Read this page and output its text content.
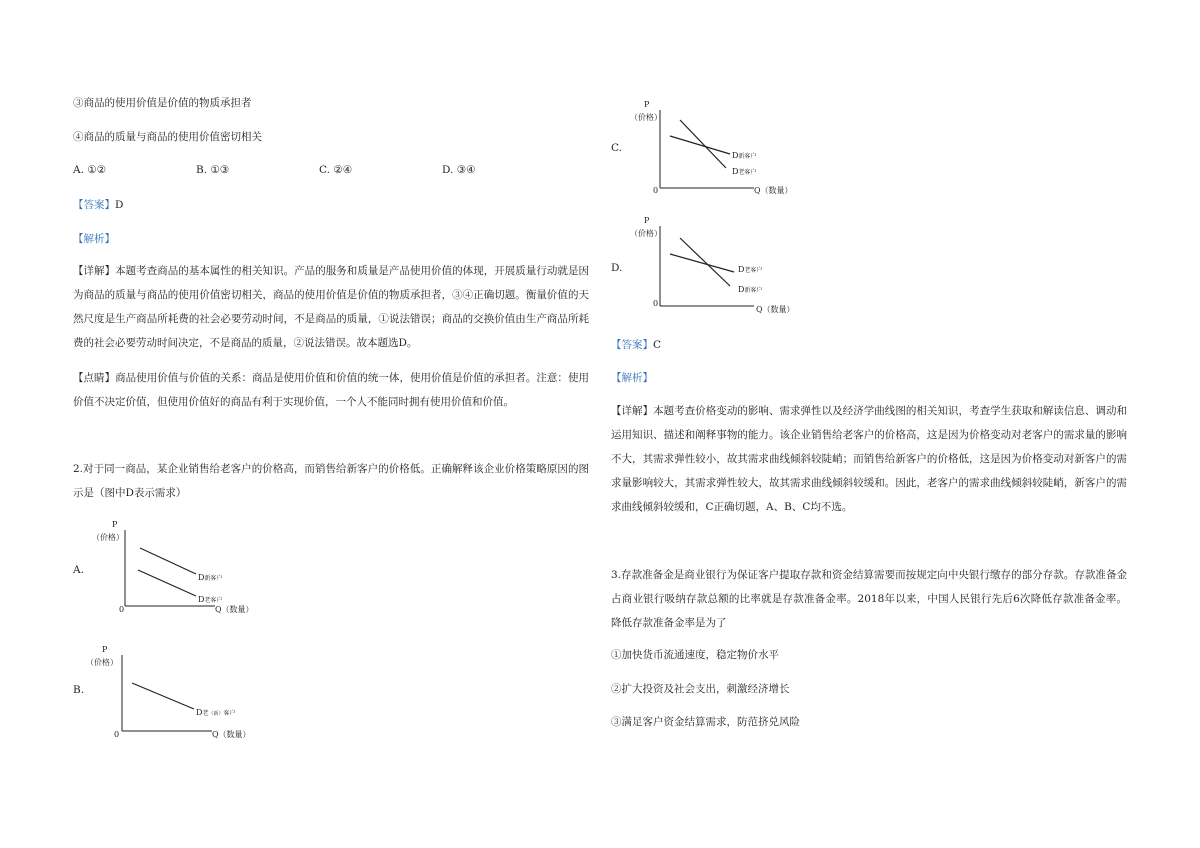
③商品的使用价值是价值的物质承担者
④商品的质量与商品的使用价值密切相关
A. ①②	B. ①③	C. ②④	D. ③④
【答案】D
【解析】
【详解】本题考查商品的基本属性的相关知识。产品的服务和质量是产品使用价值的体现，开展质量行动就是因为商品的质量与商品的使用价值密切相关，商品的使用价值是价值的物质承担者，③④正确切题。衡量价值的天然尺度是生产商品所耗费的社会必要劳动时间，不是商品的质量，①说法错误；商品的交换价值由生产商品所耗费的社会必要劳动时间决定，不是商品的质量，②说法错误。故本题选D。
【点睛】商品使用价值与价值的关系：商品是使用价值和价值的统一体，使用价值是价值的承担者。注意：使用价值不决定价值，但使用价值好的商品有利于实现价值，一个人不能同时拥有使用价值和价值。
2.对于同一商品，某企业销售给老客户的价格高，而销售给新客户的价格低。正确解释该企业价格策略原因的图示是（图中D表示需求）
A.
P
（价格）
0	Q（数量）
D新客户
D老客户
B.
P
（价格）
0	Q（数量）
D老（新）客户
C.
P
（价格）
0	Q（数量）
D新客户
D老客户
D.
P
（价格）
0
Q（数量）
D老客户
D新客户
【答案】C
【解析】
【详解】本题考查价格变动的影响、需求弹性以及经济学曲线图的相关知识，考查学生获取和解读信息、调动和运用知识、描述和阐释事物的能力。该企业销售给老客户的价格高，这是因为价格变动对老客户的需求量的影响不大，其需求弹性较小，故其需求曲线倾斜较陡峭；而销售给新客户的价格低，这是因为价格变动对新客户的需求量影响较大，其需求弹性较大，故其需求曲线倾斜较缓和。因此，老客户的需求曲线倾斜较陡峭，新客户的需求曲线倾斜较缓和，C正确切题，A、B、C均不选。
3.存款准备金是商业银行为保证客户提取存款和资金结算需要而按规定向中央银行缴存的部分存款。存款准备金占商业银行吸纳存款总额的比率就是存款准备金率。2018年以来，中国人民银行先后6次降低存款准备金率。降低存款准备金率是为了
①加快货币流通速度，稳定物价水平
②扩大投资及社会支出，刺激经济增长
③满足客户资金结算需求，防范挤兑风险
